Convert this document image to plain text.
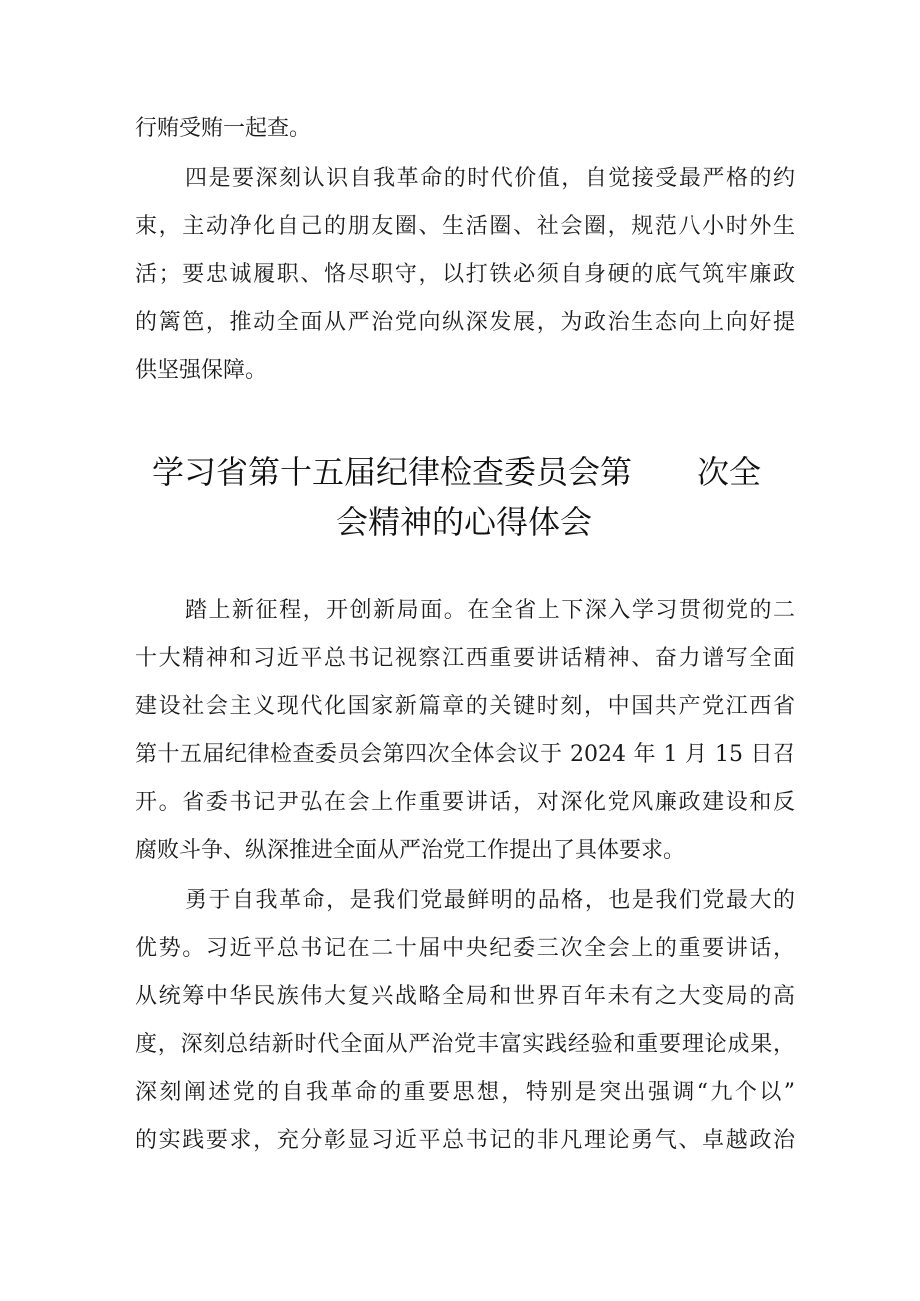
行贿受贿一起查。
四是要深刻认识自我革命的时代价值，自觉接受最严格的约
束，主动净化自己的朋友圈、生活圈、社会圈，规范八小时外生
活；要忠诚履职、恪尽职守，以打铁必须自身硬的底气筑牢廉政
的篱笆，推动全面从严治党向纵深发展，为政治生态向上向好提
供坚强保障。
学习省第十五届纪律检查委员会第 次全
会精神的心得体会
踏上新征程，开创新局面。在全省上下深入学习贯彻党的二
十大精神和习近平总书记视察江西重要讲话精神、奋力谱写全面
建设社会主义现代化国家新篇章的关键时刻，中国共产党江西省
第十五届纪律检查委员会第四次全体会议于 2024 年 1 月 15 日召
开。省委书记尹弘在会上作重要讲话，对深化党风廉政建设和反
腐败斗争、纵深推进全面从严治党工作提出了具体要求。
勇于自我革命，是我们党最鲜明的品格，也是我们党最大的
优势。习近平总书记在二十届中央纪委三次全会上的重要讲话，
从统筹中华民族伟大复兴战略全局和世界百年未有之大变局的高
度，深刻总结新时代全面从严治党丰富实践经验和重要理论成果，
深刻阐述党的自我革命的重要思想，特别是突出强调“九个以”
的实践要求，充分彰显习近平总书记的非凡理论勇气、卓越政治
